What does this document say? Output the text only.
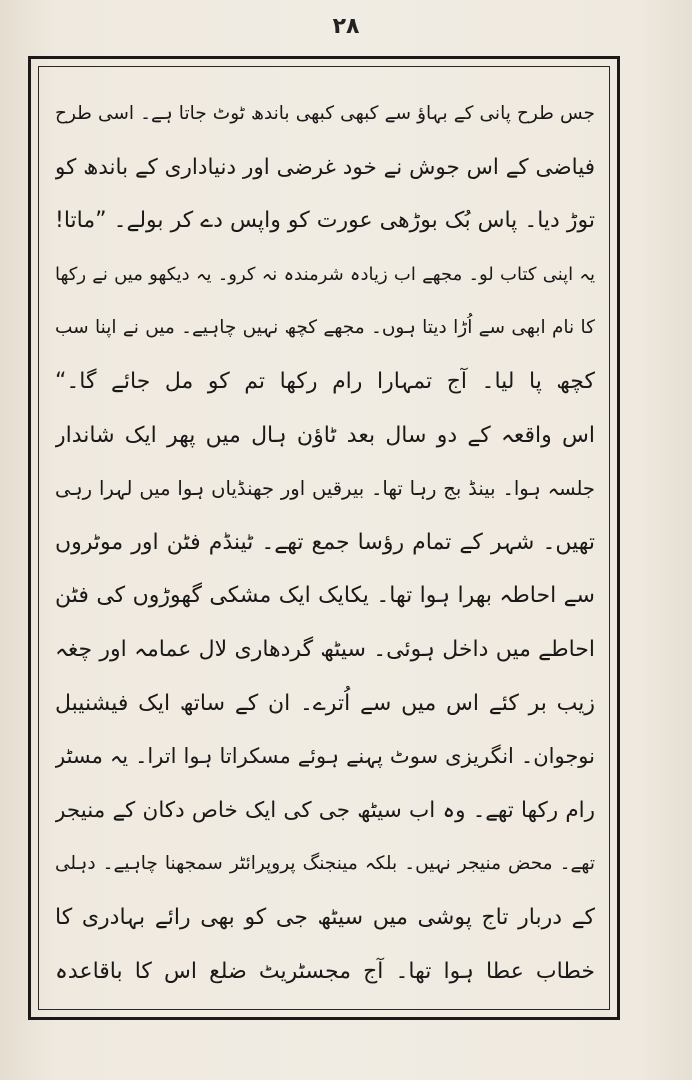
۲۸
جس طرح پانی کے بہاؤ سے کبھی کبھی باندھ ٹوٹ جاتا ہے۔ اسی طرح
فیاضی کے اس جوش نے خود غرضی اور دنیاداری کے باندھ کو
توڑ دیا۔ پاس بُک بوڑھی عورت کو واپس دے کر بولے۔ ”ماتا!
یہ اپنی کتاب لو۔ مجھے اب زیادہ شرمندہ نہ کرو۔ یہ دیکھو میں نے رکھا
کا نام ابھی سے اُڑا دیتا ہوں۔ مجھے کچھ نہیں چاہیے۔ میں نے اپنا سب
کچھ پا لیا۔ آج تمہارا رام رکھا تم کو مل جائے گا۔“
اس واقعہ کے دو سال بعد ٹاؤن ہال میں پھر ایک شاندار
جلسہ ہوا۔ بینڈ بج رہا تھا۔ بیرقیں اور جھنڈیاں ہوا میں لہرا رہی
تھیں۔ شہر کے تمام رؤسا جمع تھے۔ ٹینڈم فٹن اور موٹروں
سے احاطہ بھرا ہوا تھا۔ یکایک ایک مشکی گھوڑوں کی فٹن
احاطے میں داخل ہوئی۔ سیٹھ گردھاری لال عمامہ اور چغہ
زیب بر کئے اس میں سے اُترے۔ ان کے ساتھ ایک فیشنیبل
نوجوان۔ انگریزی سوٹ پہنے ہوئے مسکراتا ہوا اترا۔ یہ مسٹر
رام رکھا تھے۔ وہ اب سیٹھ جی کی ایک خاص دکان کے منیجر
تھے۔ محض منیجر نہیں۔ بلکہ مینجنگ پروپرائٹر سمجھنا چاہیے۔ دہلی
کے دربار تاج پوشی میں سیٹھ جی کو بھی رائے بہادری کا
خطاب عطا ہوا تھا۔ آج مجسٹریٹ ضلع اس کا باقاعدہ
